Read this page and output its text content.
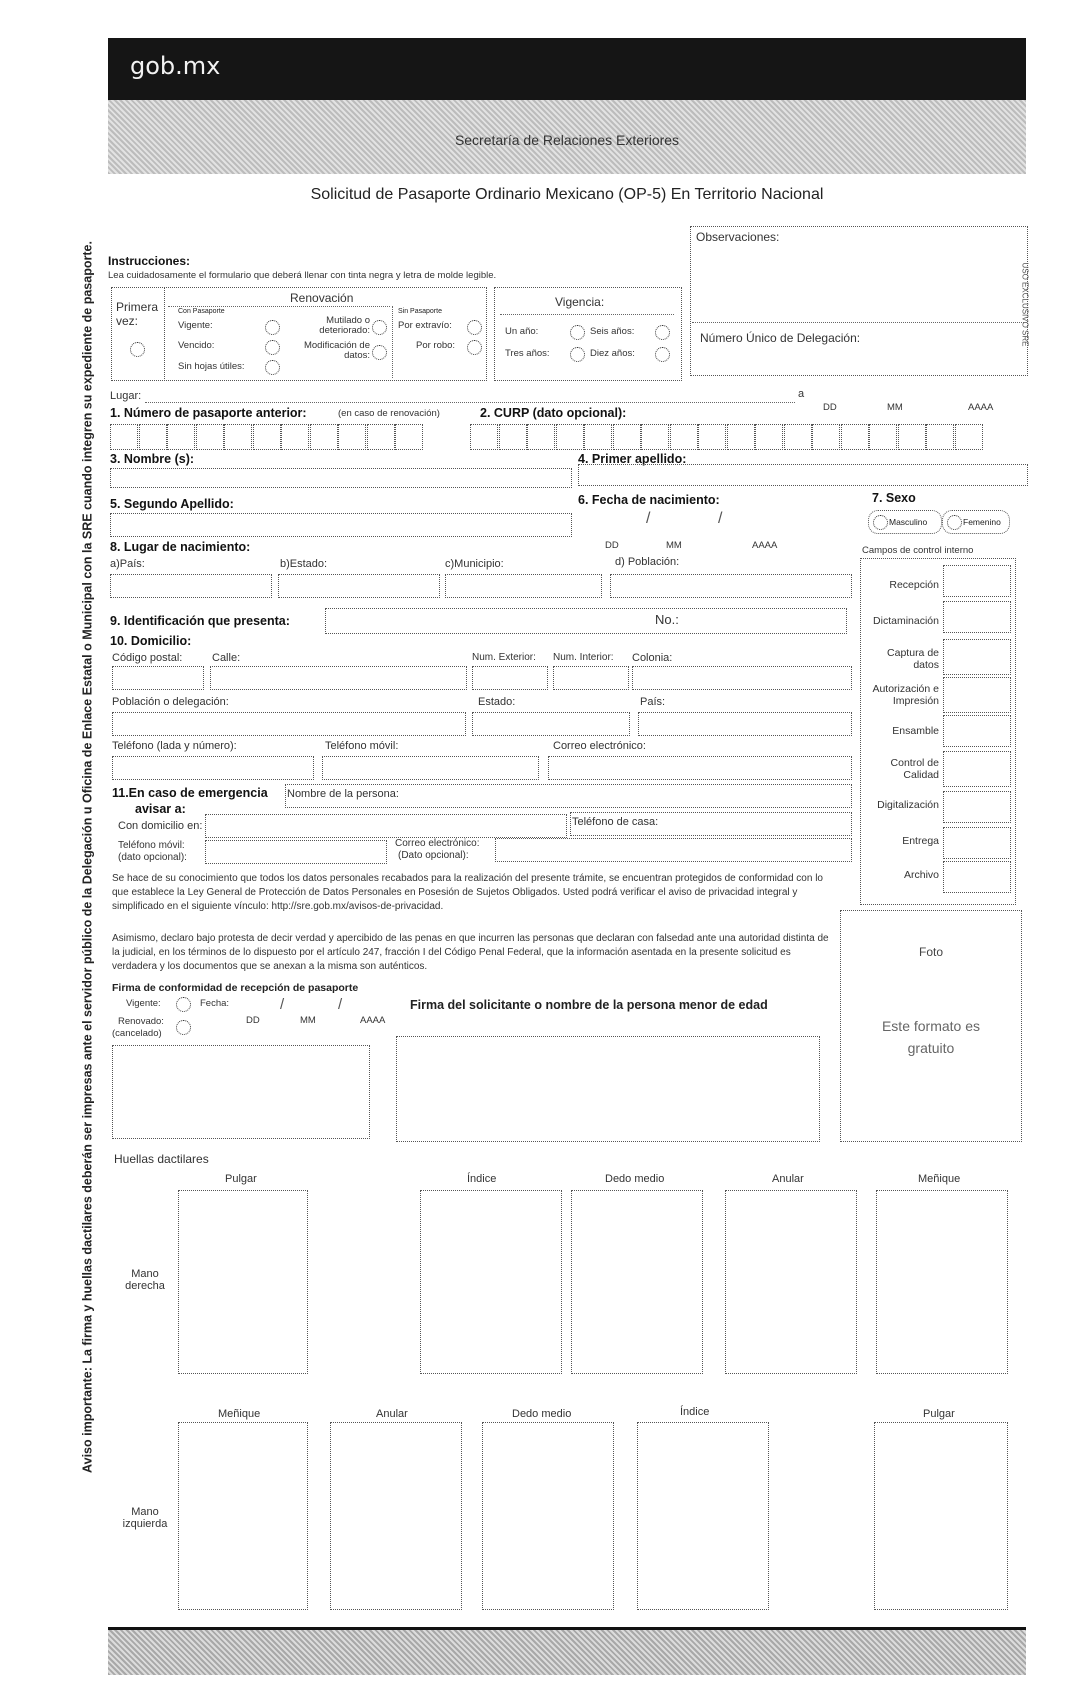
gob.mx
Secretaría de Relaciones Exteriores
Solicitud de Pasaporte Ordinario Mexicano (OP-5) En Territorio Nacional
Aviso importante: La firma y huellas dactilares deberán ser impresas ante el servidor público de la Delegación u Oficina de Enlace Estatal o Municipal con la SRE cuando integren su expediente de pasaporte. Instrucciones:
Lea cuidadosamente el formulario que deberá llenar con tinta negra y letra de molde legible.
Primera vez:
Renovación
Con Pasaporte
Vigente:
Vencido:
Sin hojas útiles:
Mutilado o deteriorado:
Modificación de datos:
Sin Pasaporte
Por extravío:
Por robo:
Vigencia:
Un año:
Tres años:
Seis años:
Diez años:
Observaciones:
Número Único de Delegación:	USO EXCLUSIVO SRE
Lugar:	a
DD	MM	AAAA
1. Número de pasaporte anterior:	(en caso de renovación)	2. CURP (dato opcional):
3. Nombre (s):	4. Primer apellido:
5. Segundo Apellido:	6. Fecha de nacimiento:
/	/
DD	MM	AAAA
7. Sexo
Masculino	Femenino
8. Lugar de nacimiento:
a)País:	b)Estado:	c)Municipio:	d) Población:
9. Identificación que presenta:	No.:
10. Domicilio:
Código postal:	Calle:	Num. Exterior: Num. Interior: Colonia:
Población o delegación:	Estado:	País:
Teléfono (lada y número):	Teléfono móvil:	Correo electrónico:
11.En caso de emergencia
avisar a:
Nombre de la persona:
Con domicilio en:	Teléfono de casa:
Teléfono móvil:
(dato opcional):
Correo electrónico:
(Dato opcional):
Campos de control interno
Recepción
Dictaminación
Captura de datos
Autorización e Impresión
Ensamble
Control de Calidad
Digitalización
Entrega
Archivo
Se hace de su conocimiento que todos los datos personales recabados para la realización del presente trámite, se encuentran protegidos de conformidad con lo que establece la Ley General de Protección de Datos Personales en Posesión de Sujetos Obligados. Usted podrá verificar el aviso de privacidad integral y simplificado en el siguiente vínculo: http://sre.gob.mx/avisos-de-privacidad.
Asimismo, declaro bajo protesta de decir verdad y apercibido de las penas en que incurren las personas que declaran con falsedad ante una autoridad distinta de la judicial, en los términos de lo dispuesto por el artículo 247, fracción I del Código Penal Federal, que la información asentada en la presente solicitud es verdadera y los documentos que se anexan a la misma son auténticos.
Foto
Este formato es gratuito
Firma de conformidad de recepción de pasaporte
Vigente:	Fecha:	/	/
DD	MM	AAAA
Renovado:
(cancelado)
Firma del solicitante o nombre de la persona menor de edad
Huellas dactilares
Mano derecha
Mano izquierda
Pulgar	Índice	Dedo medio	Anular	Meñique
Meñique	Anular	Dedo medio	Índice	Pulgar
